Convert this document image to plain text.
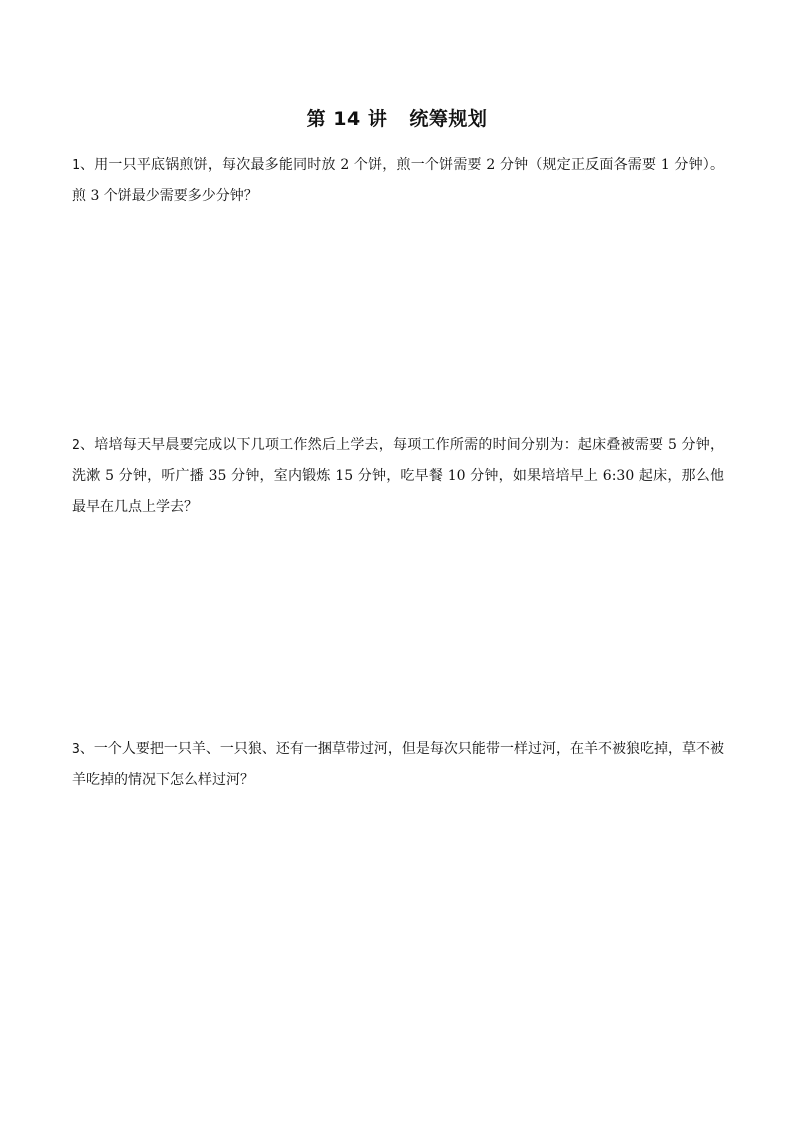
第 14 讲 统筹规划
1、用一只平底锅煎饼，每次最多能同时放 2 个饼，煎一个饼需要 2 分钟（规定正反面各需要 1 分钟）。煎 3 个饼最少需要多少分钟？
2、培培每天早晨要完成以下几项工作然后上学去，每项工作所需的时间分别为：起床叠被需要 5 分钟，洗漱 5 分钟，听广播 35 分钟，室内锻炼 15 分钟，吃早餐 10 分钟，如果培培早上 6:30 起床，那么他最早在几点上学去？
3、一个人要把一只羊、一只狼、还有一捆草带过河，但是每次只能带一样过河，在羊不被狼吃掉，草不被羊吃掉的情况下怎么样过河？
